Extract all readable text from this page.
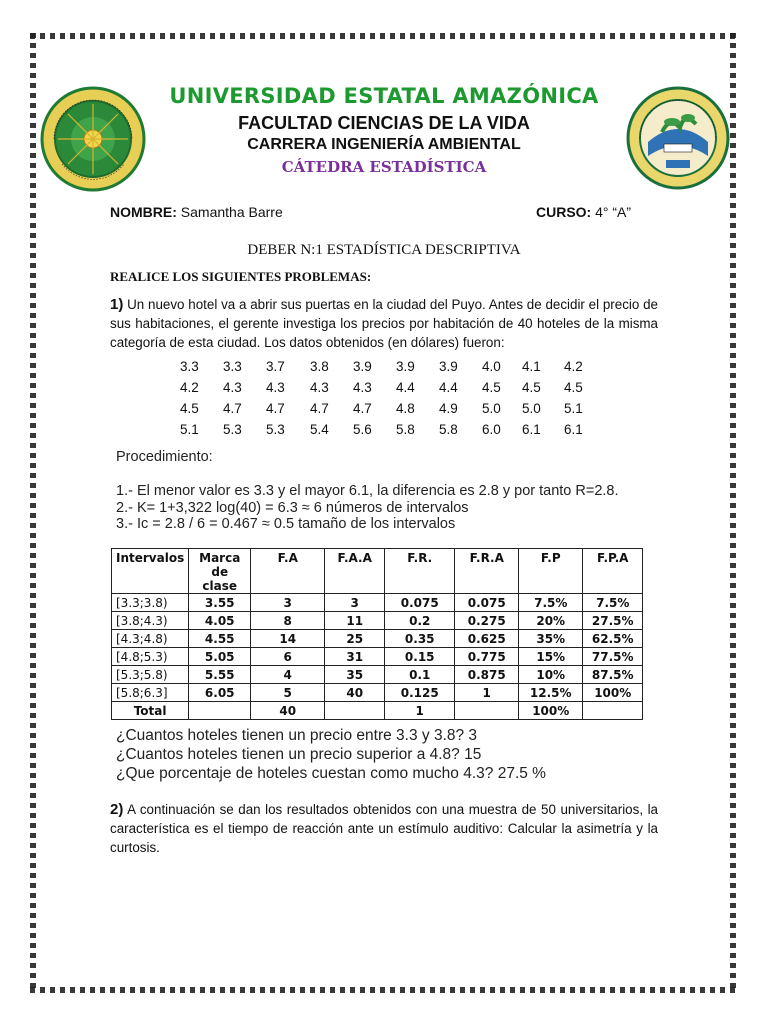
UNIVERSIDAD ESTATAL AMAZÓNICA
FACULTAD CIENCIAS DE LA VIDA
CARRERA INGENIERÍA AMBIENTAL
CÁTEDRA ESTADÍSTICA
NOMBRE: Samantha Barre	CURSO: 4° “A”
DEBER N:1 ESTADÍSTICA DESCRIPTIVA
REALICE LOS SIGUIENTES PROBLEMAS:
1) Un nuevo hotel va a abrir sus puertas en la ciudad del Puyo. Antes de decidir el precio de sus habitaciones, el gerente investiga los precios por habitación de 40 hoteles de la misma categoría de esta ciudad. Los datos obtenidos (en dólares) fueron:
3.3 3.3 3.7 3.8 3.9 3.9 3.9 4.0 4.1 4.2
4.2 4.3 4.3 4.3 4.3 4.4 4.4 4.5 4.5 4.5
4.5 4.7 4.7 4.7 4.7 4.8 4.9 5.0 5.0 5.1
5.1 5.3 5.3 5.4 5.6 5.8 5.8 6.0 6.1 6.1
Procedimiento:
1.- El menor valor es 3.3 y el mayor 6.1, la diferencia es 2.8 y por tanto R=2.8.
2.- K= 1+3,322 log(40) = 6.3 ≈ 6 números de intervalos
3.- Ic = 2.8 / 6 = 0.467 ≈ 0.5 tamaño de los intervalos
Intervalos	Marca de clase	F.A	F.A.A	F.R.	F.R.A	F.P	F.P.A
[3.3;3.8)	3.55	3	3	0.075	0.075	7.5%	7.5%
[3.8;4.3)	4.05	8	11	0.2	0.275	20%	27.5%
[4.3;4.8)	4.55	14	25	0.35	0.625	35%	62.5%
[4.8;5.3)	5.05	6	31	0.15	0.775	15%	77.5%
[5.3;5.8)	5.55	4	35	0.1	0.875	10%	87.5%
[5.8;6.3]	6.05	5	40	0.125	1	12.5%	100%
Total		40		1		100%	
¿Cuantos hoteles tienen un precio entre 3.3 y 3.8? 3
¿Cuantos hoteles tienen un precio superior a 4.8? 15
¿Que porcentaje de hoteles cuestan como mucho 4.3? 27.5 %
2) A continuación se dan los resultados obtenidos con una muestra de 50 universitarios, la característica es el tiempo de reacción ante un estímulo auditivo: Calcular la asimetría y la curtosis.
